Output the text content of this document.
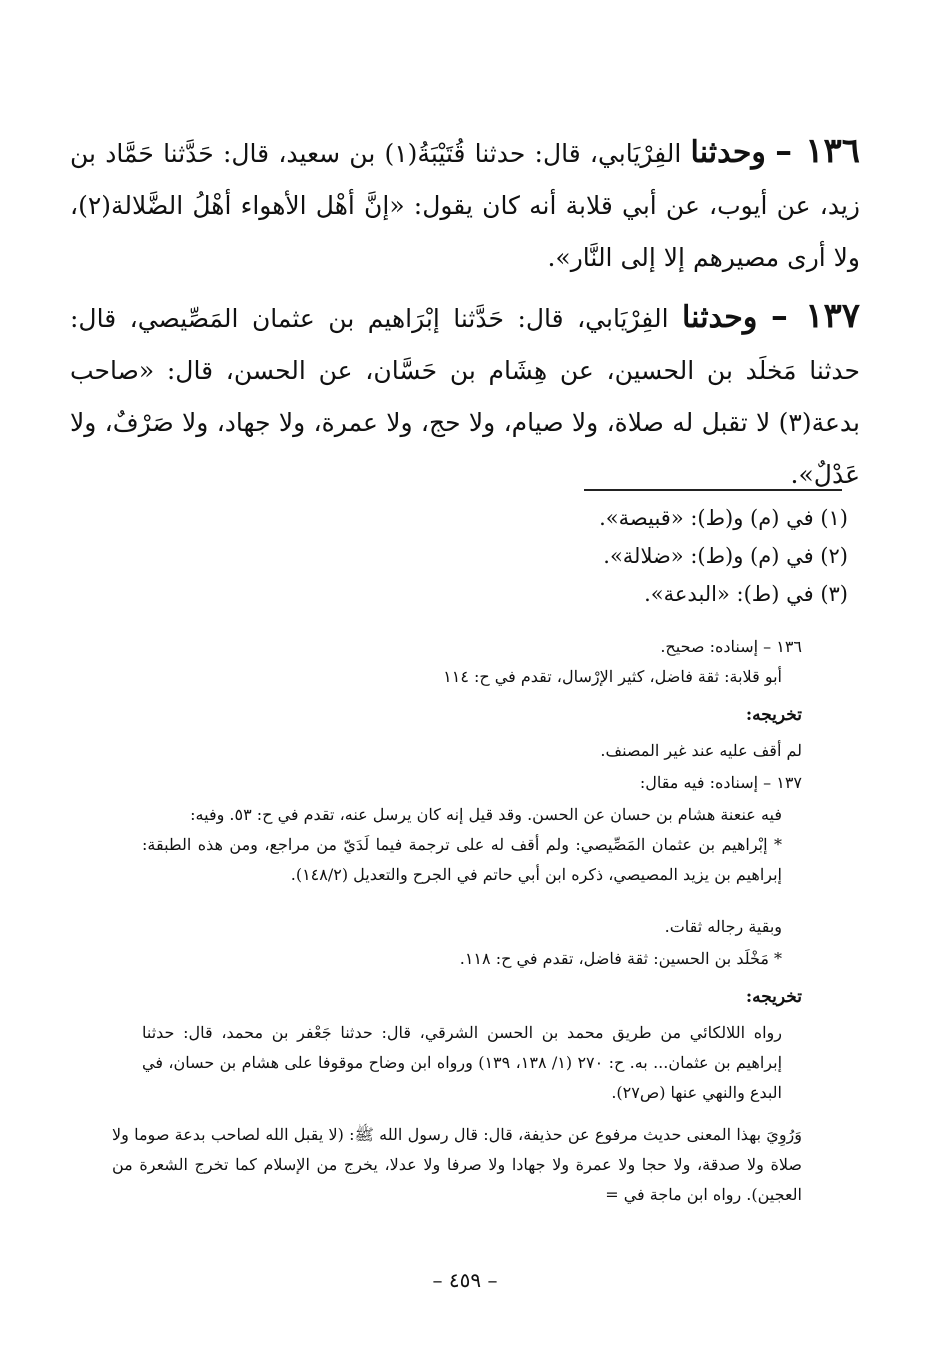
١٣٦ – وحدثنا الفِرْيَابي، قال: حدثنا قُتَيْبَةُ(١) بن سعيد، قال: حَدَّثنا حَمَّاد بن زيد، عن أيوب، عن أبي قلابة أنه كان يقول: «إنَّ أهْل الأهواء أهْلُ الضَّلالة(٢)، ولا أرى مصيرهم إلا إلى النَّار».
١٣٧ – وحدثنا الفِرْيَابي، قال: حَدَّثنا إبْرَاهيم بن عثمان المَصِّيصي، قال: حدثنا مَخلَد بن الحسين، عن هِشَام بن حَسَّان، عن الحسن، قال: «صاحب بدعة(٣) لا تقبل له صلاة، ولا صيام، ولا حج، ولا عمرة، ولا جهاد، ولا صَرْفٌ، ولا عَدْلٌ».
(١) في (م) و(ط): «قبيصة».
(٢) في (م) و(ط): «ضلالة».
(٣) في (ط): «البدعة».
١٣٦ – إسناده: صحيح.
أبو قلابة: ثقة فاضل، كثير الإرْسال، تقدم في ح: ١١٤
تخريجه:
لم أقف عليه عند غير المصنف.
١٣٧ – إسناده: فيه مقال:
فيه عنعنة هشام بن حسان عن الحسن. وقد قيل إنه كان يرسل عنه، تقدم في ح: ٥٣. وفيه:
* إبْراهيم بن عثمان المَصِّيصي: ولم أقف له على ترجمة فيما لَدَيّ من مراجع، ومن هذه الطبقة: إبراهيم بن يزيد المصيصي، ذكره ابن أبي حاتم في الجرح والتعديل (١٤٨/٢).
وبقية رجاله ثقات.
* مَخْلَد بن الحسين: ثقة فاضل، تقدم في ح: ١١٨.
تخريجه:
رواه اللالكائي من طريق محمد بن الحسن الشرقي، قال: حدثنا جَعْفر بن محمد، قال: حدثنا إبراهيم بن عثمان... به. ح: ٢٧٠ (١/ ١٣٨، ١٣٩) ورواه ابن وضاح موقوفا على هشام بن حسان، في البدع والنهي عنها (ص٢٧).
وَرُوِيَ بهذا المعنى حديث مرفوع عن حذيفة، قال: قال رسول الله ﷺ: (لا يقبل الله لصاحب بدعة صوما ولا صلاة ولا صدقة، ولا حجا ولا عمرة ولا جهادا ولا صرفا ولا عدلا، يخرج من الإسلام كما تخرج الشعرة من العجين). رواه ابن ماجة في =
– ٤٥٩ –
